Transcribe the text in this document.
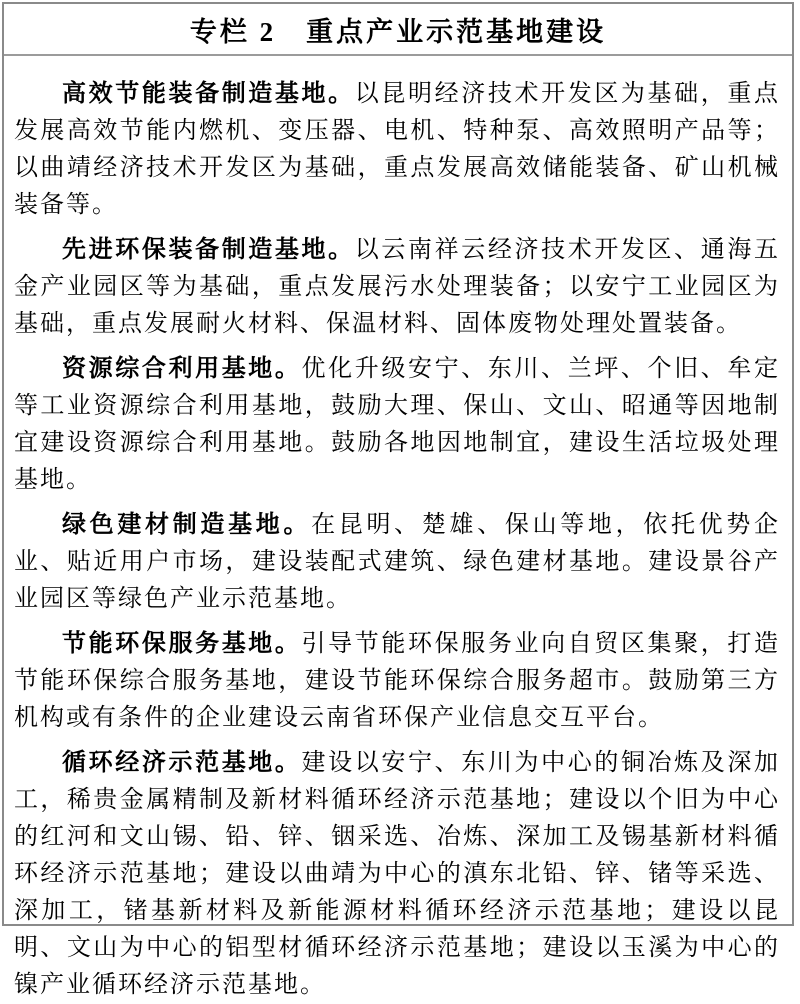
专栏 2　重点产业示范基地建设

高效节能装备制造基地。以昆明经济技术开发区为基础，重点发展高效节能内燃机、变压器、电机、特种泵、高效照明产品等；以曲靖经济技术开发区为基础，重点发展高效储能装备、矿山机械装备等。

先进环保装备制造基地。以云南祥云经济技术开发区、通海五金产业园区等为基础，重点发展污水处理装备；以安宁工业园区为基础，重点发展耐火材料、保温材料、固体废物处理处置装备。

资源综合利用基地。优化升级安宁、东川、兰坪、个旧、牟定等工业资源综合利用基地，鼓励大理、保山、文山、昭通等因地制宜建设资源综合利用基地。鼓励各地因地制宜，建设生活垃圾处理基地。

绿色建材制造基地。在昆明、楚雄、保山等地，依托优势企业、贴近用户市场，建设装配式建筑、绿色建材基地。建设景谷产业园区等绿色产业示范基地。

节能环保服务基地。引导节能环保服务业向自贸区集聚，打造节能环保综合服务基地，建设节能环保综合服务超市。鼓励第三方机构或有条件的企业建设云南省环保产业信息交互平台。

循环经济示范基地。建设以安宁、东川为中心的铜冶炼及深加工，稀贵金属精制及新材料循环经济示范基地；建设以个旧为中心的红河和文山锡、铅、锌、铟采选、冶炼、深加工及锡基新材料循环经济示范基地；建设以曲靖为中心的滇东北铅、锌、锗等采选、深加工，锗基新材料及新能源材料循环经济示范基地；建设以昆明、文山为中心的铝型材循环经济示范基地；建设以玉溪为中心的镍产业循环经济示范基地。
